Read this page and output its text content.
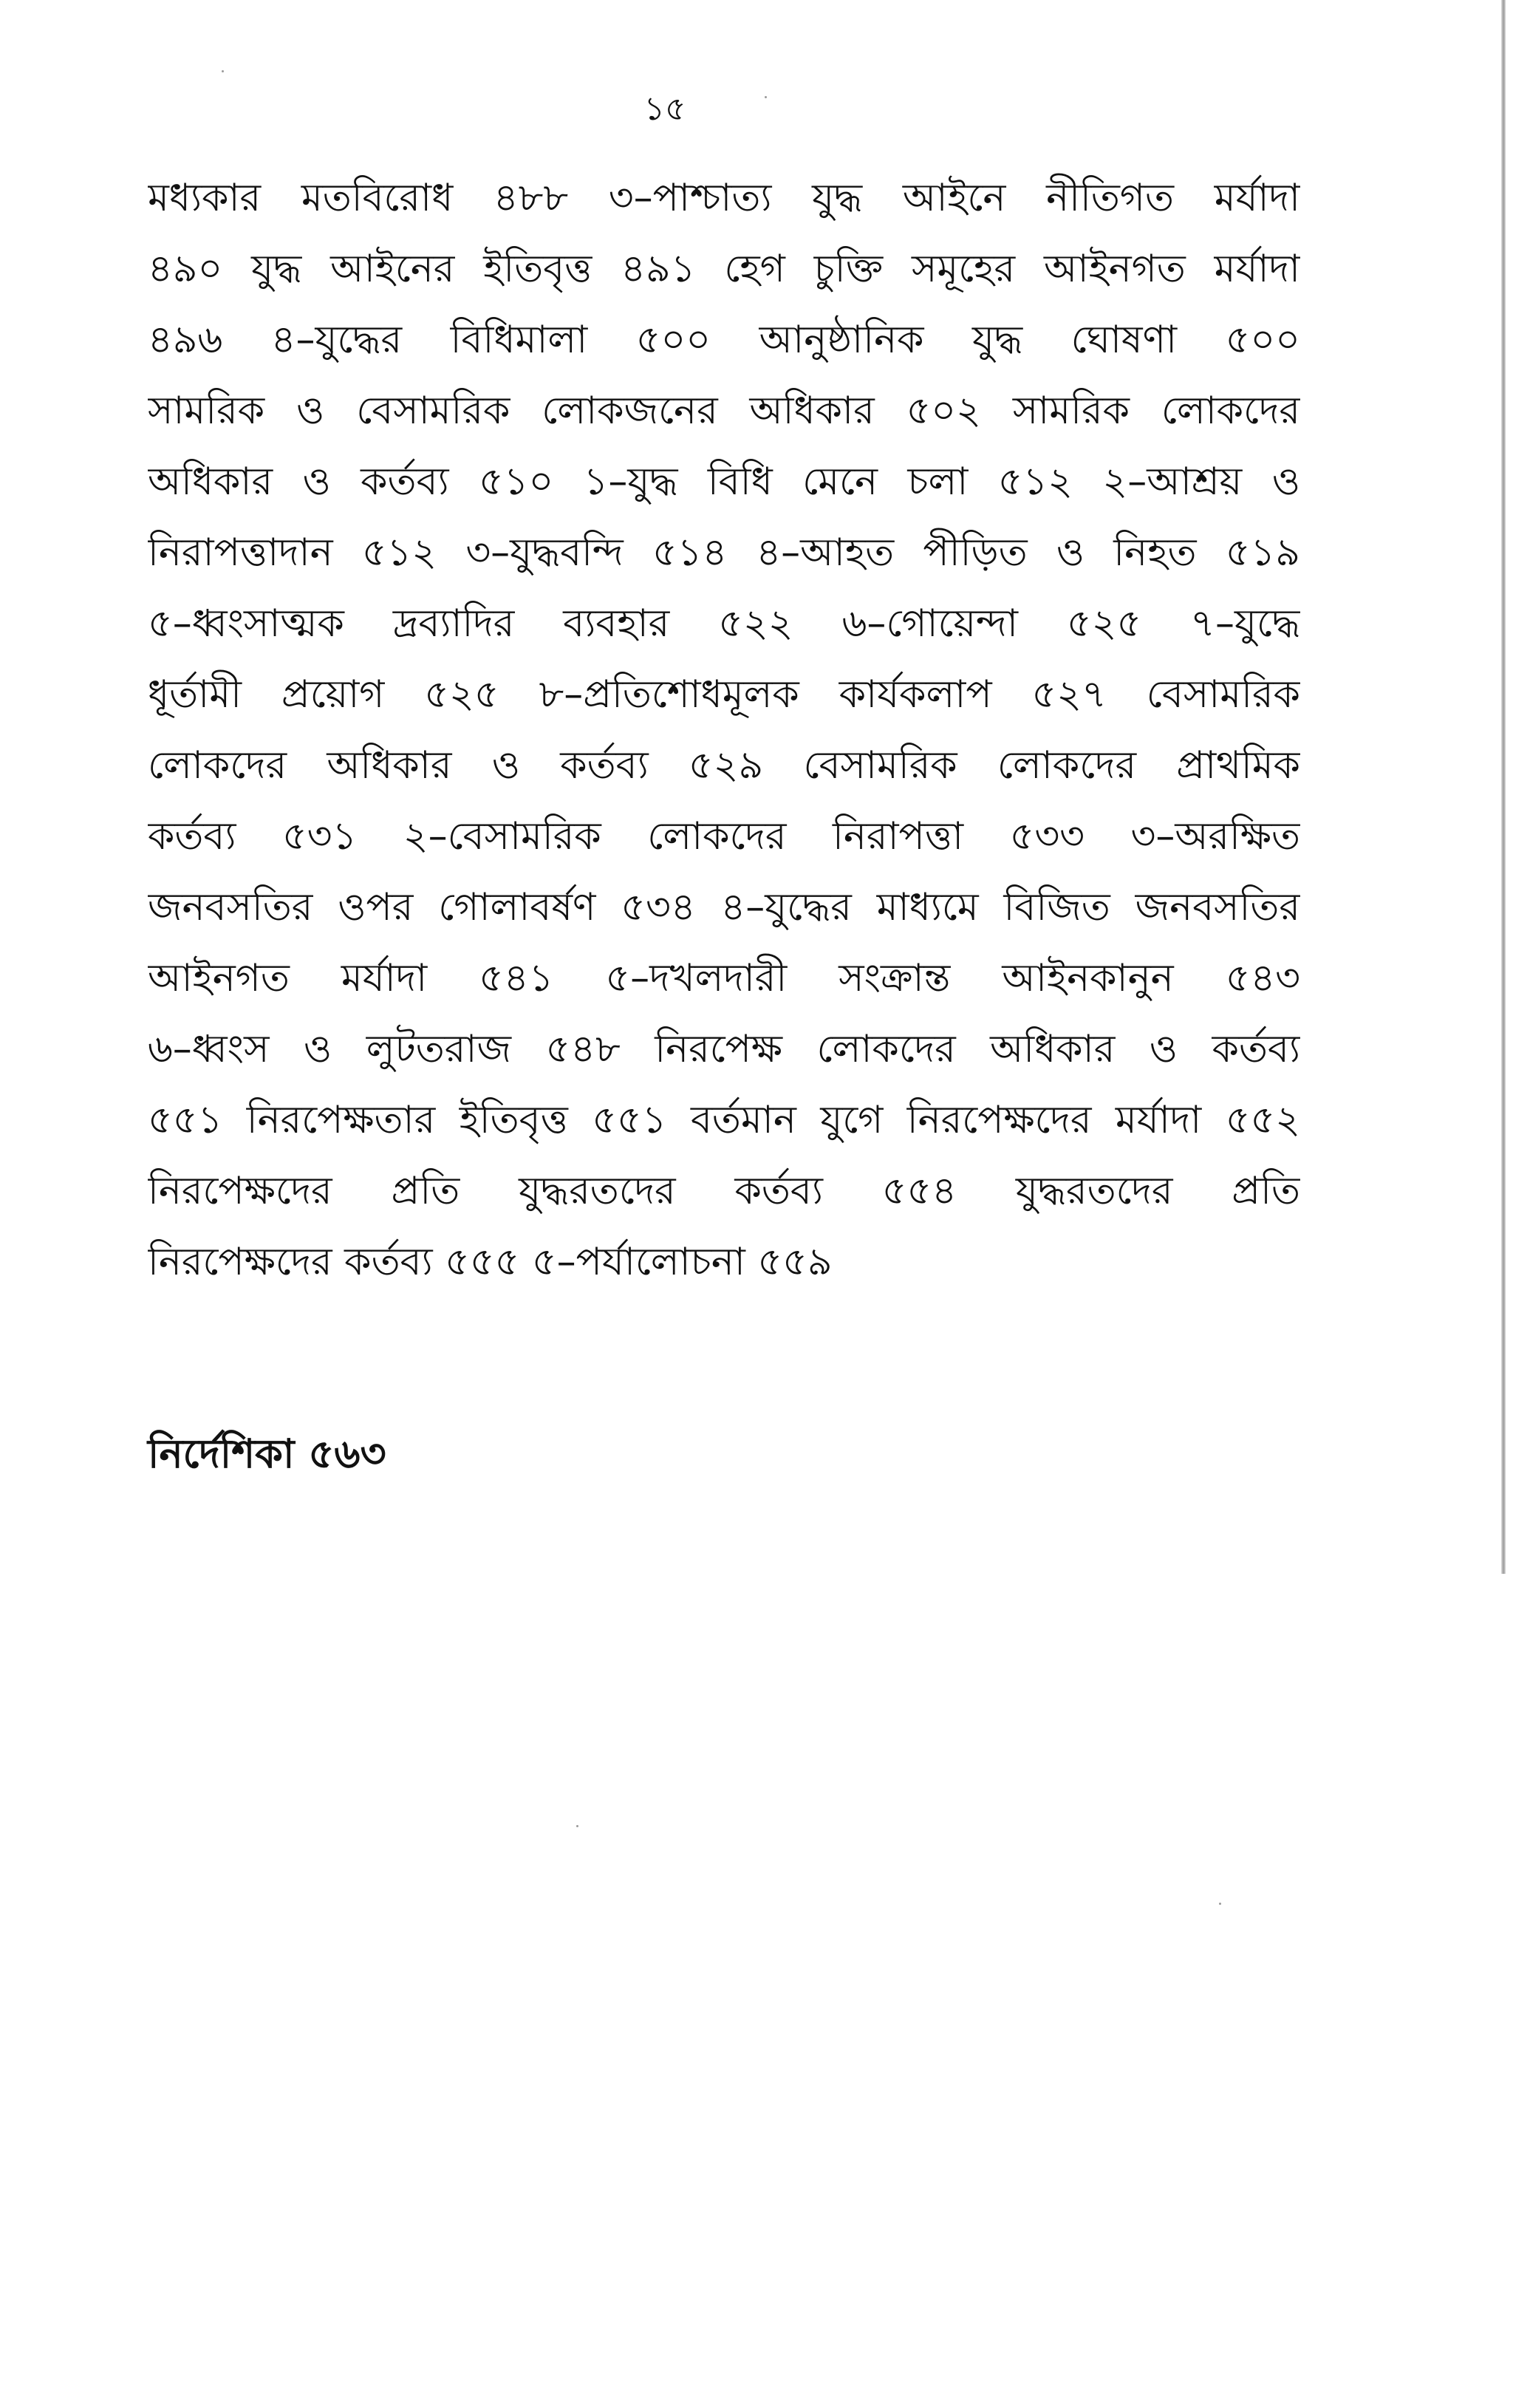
১৫
মধ্যকার মতবিরোধ ৪৮৮ ৩–পাশ্চাত্য যুদ্ধ আইনে নীতিগত মর্যাদা
৪৯০ যুদ্ধ আইনের ইতিবৃত্ত ৪৯১ হেগ চুক্তি সমূহের আইনগত মর্যাদা
৪৯৬ ৪–যুদ্ধের বিধিমালা ৫০০ আনুষ্ঠানিক যুদ্ধ ঘোষণা ৫০০
সামরিক ও বেসামরিক লোকজনের অধিকার ৫০২ সামরিক লোকদের
অধিকার ও কর্তব্য ৫১০ ১–যুদ্ধ বিধি মেনে চলা ৫১২ ২–আশ্রয় ও
নিরাপত্তাদান ৫১২ ৩–যুদ্ধবন্দি ৫১৪ ৪–আহত পীড়িত ও নিহত ৫১৯
৫–ধ্বংসাত্মক দ্রব্যাদির ব্যবহার ৫২২ ৬–গোয়েন্দা ৫২৫ ৭–যুদ্ধে
ধূর্তামী প্রয়োগ ৫২৫ ৮–প্রতিশোধমূলক কার্যকলাপ ৫২৭ বেসামরিক
লোকদের অধিকার ও কর্তব্য ৫২৯ বেসামরিক লোকদের প্রাথমিক
কর্তব্য ৫৩১ ২–বেসামরিক লোকদের নিরাপত্তা ৫৩৩ ৩–অরক্ষিত
জনবসতির ওপর গোলাবর্ষণ ৫৩৪ ৪–যুদ্ধের মাধ্যমে বিজিত জনবসতির
আইনগত মর্যাদা ৫৪১ ৫–দখলদারী সংক্রান্ত আইনকানুন ৫৪৩
৬–ধ্বংস ও লুটতরাজ ৫৪৮ নিরপেক্ষ লোকদের অধিকার ও কর্তব্য
৫৫১ নিরপেক্ষতার ইতিবৃত্ত ৫৫১ বর্তমান যুগে নিরপেক্ষদের মর্যাদা ৫৫২
নিরপেক্ষদের প্রতি যুদ্ধরতদের কর্তব্য ৫৫৪ যুদ্ধরতদের প্রতি
নিরপেক্ষদের কর্তব্য ৫৫৫ ৫–পর্যালোচনা ৫৫৯
নির্দেশিকা ৫৬৩
